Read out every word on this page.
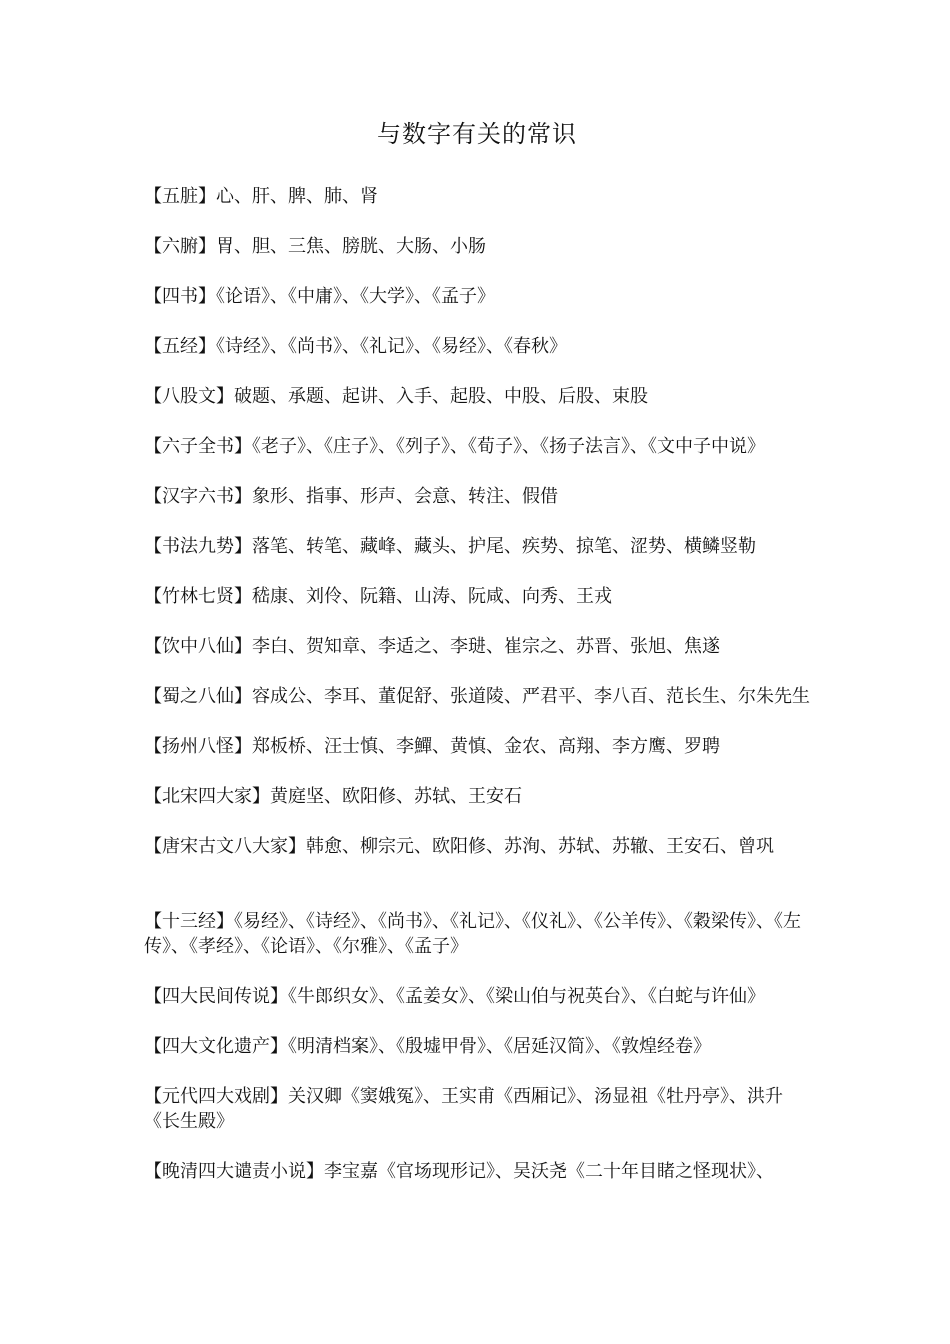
与数字有关的常识

【五脏】心、肝、脾、肺、肾

【六腑】胃、胆、三焦、膀胱、大肠、小肠

【四书】《论语》、《中庸》、《大学》、《孟子》

【五经】《诗经》、《尚书》、《礼记》、《易经》、《春秋》

【八股文】破题、承题、起讲、入手、起股、中股、后股、束股

【六子全书】《老子》、《庄子》、《列子》、《荀子》、《扬子法言》、《文中子中说》

【汉字六书】象形、指事、形声、会意、转注、假借

【书法九势】落笔、转笔、藏峰、藏头、护尾、疾势、掠笔、涩势、横鳞竖勒

【竹林七贤】嵇康、刘伶、阮籍、山涛、阮咸、向秀、王戎

【饮中八仙】李白、贺知章、李适之、李琎、崔宗之、苏晋、张旭、焦遂

【蜀之八仙】容成公、李耳、董促舒、张道陵、严君平、李八百、范长生、尔朱先生

【扬州八怪】郑板桥、汪士慎、李鱓、黄慎、金农、高翔、李方鹰、罗聘

【北宋四大家】黄庭坚、欧阳修、苏轼、王安石

【唐宋古文八大家】韩愈、柳宗元、欧阳修、苏洵、苏轼、苏辙、王安石、曾巩

【十三经】《易经》、《诗经》、《尚书》、《礼记》、《仪礼》、《公羊传》、《穀梁传》、《左传》、《孝经》、《论语》、《尔雅》、《孟子》

【四大民间传说】《牛郎织女》、《孟姜女》、《梁山伯与祝英台》、《白蛇与许仙》

【四大文化遗产】《明清档案》、《殷墟甲骨》、《居延汉简》、《敦煌经卷》

【元代四大戏剧】关汉卿《窦娥冤》、王实甫《西厢记》、汤显祖《牡丹亭》、洪升《长生殿》

【晚清四大谴责小说】李宝嘉《官场现形记》、吴沃尧《二十年目睹之怪现状》、
